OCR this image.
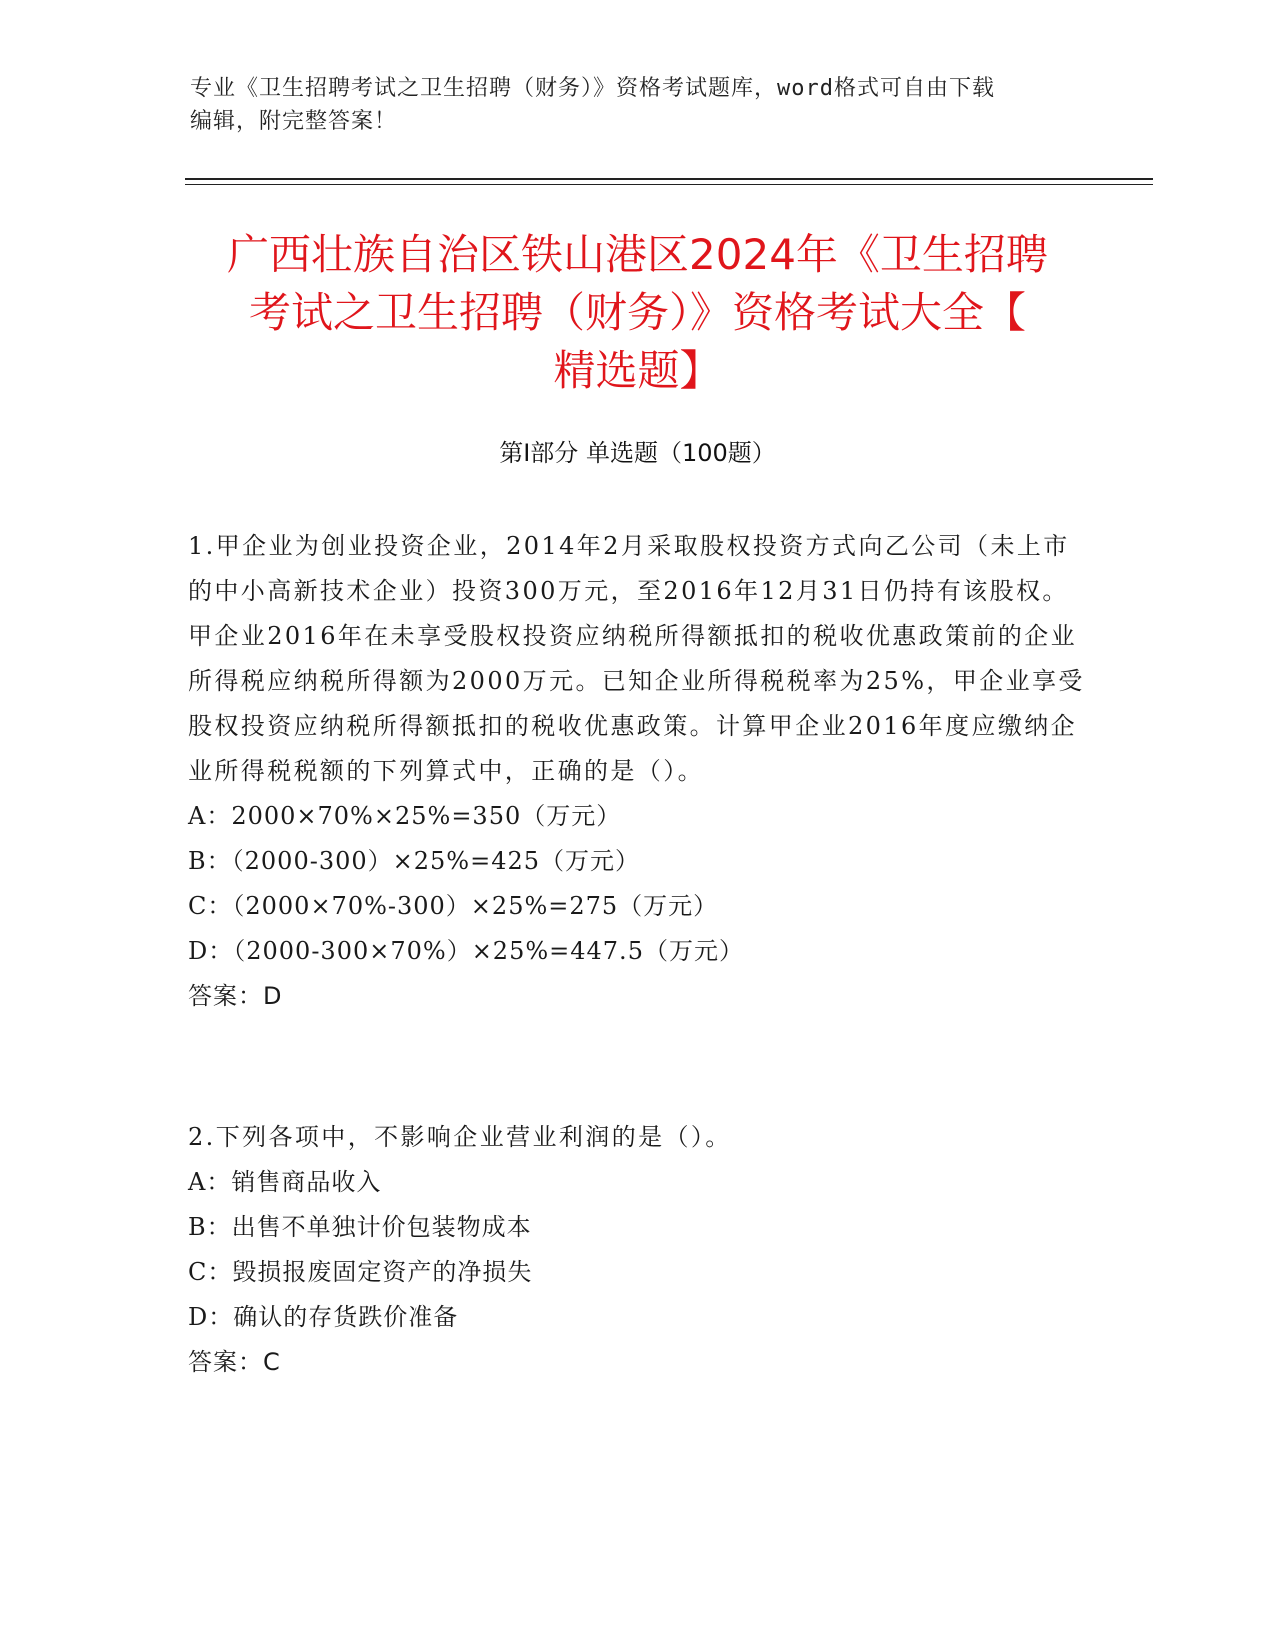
专业《卫生招聘考试之卫生招聘（财务）》资格考试题库，word格式可自由下载
编辑，附完整答案！
广西壮族自治区铁山港区2024年《卫生招聘
考试之卫生招聘（财务）》资格考试大全【
精选题】
第Ⅰ部分 单选题（100题）

1.甲企业为创业投资企业，2014年2月采取股权投资方式向乙公司（未上市的中小高新技术企业）投资300万元，至2016年12月31日仍持有该股权。甲企业2016年在未享受股权投资应纳税所得额抵扣的税收优惠政策前的企业所得税应纳税所得额为2000万元。已知企业所得税税率为25%，甲企业享受股权投资应纳税所得额抵扣的税收优惠政策。计算甲企业2016年度应缴纳企业所得税税额的下列算式中，正确的是（）。

A：2000×70%×25%=350（万元）

B：（2000-300）×25%=425（万元）

C：（2000×70%-300）×25%=275（万元）

D：（2000-300×70%）×25%=447.5（万元）

答案：D

2.下列各项中，不影响企业营业利润的是（）。

A：销售商品收入

B：出售不单独计价包装物成本

C：毁损报废固定资产的净损失

D：确认的存货跌价准备

答案：C
